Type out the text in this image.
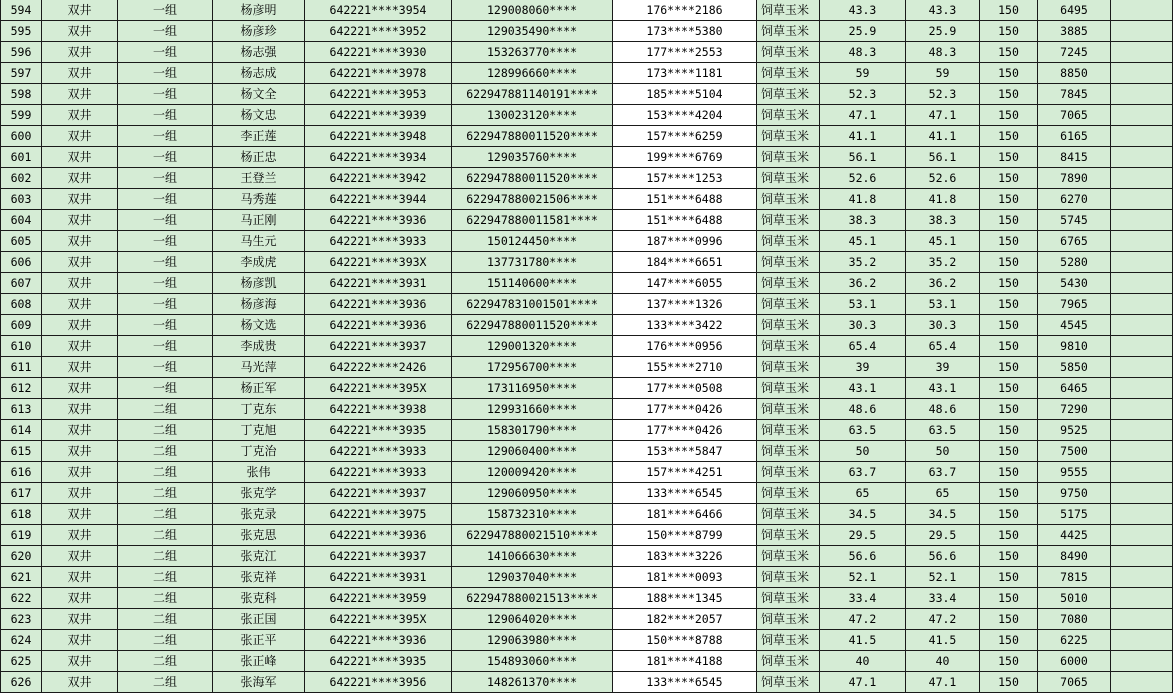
594	双井	一组	杨彦明	642221****3954	129008060****	176****2186	饲草玉米	43.3	43.3	150	6495
595	双井	一组	杨彦珍	642221****3952	129035490****	173****5380	饲草玉米	25.9	25.9	150	3885
596	双井	一组	杨志强	642221****3930	153263770****	177****2553	饲草玉米	48.3	48.3	150	7245
597	双井	一组	杨志成	642221****3978	128996660****	173****1181	饲草玉米	59	59	150	8850
598	双井	一组	杨文全	642221****3953	622947881140191****	185****5104	饲草玉米	52.3	52.3	150	7845
599	双井	一组	杨文忠	642221****3939	130023120****	153****4204	饲草玉米	47.1	47.1	150	7065
600	双井	一组	李正莲	642221****3948	622947880011520****	157****6259	饲草玉米	41.1	41.1	150	6165
601	双井	一组	杨正忠	642221****3934	129035760****	199****6769	饲草玉米	56.1	56.1	150	8415
602	双井	一组	王登兰	642221****3942	622947880011520****	157****1253	饲草玉米	52.6	52.6	150	7890
603	双井	一组	马秀莲	642221****3944	622947880021506****	151****6488	饲草玉米	41.8	41.8	150	6270
604	双井	一组	马正刚	642221****3936	622947880011581****	151****6488	饲草玉米	38.3	38.3	150	5745
605	双井	一组	马生元	642221****3933	150124450****	187****0996	饲草玉米	45.1	45.1	150	6765
606	双井	一组	李成虎	642221****393X	137731780****	184****6651	饲草玉米	35.2	35.2	150	5280
607	双井	一组	杨彦凯	642221****3931	151140600****	147****6055	饲草玉米	36.2	36.2	150	5430
608	双井	一组	杨彦海	642221****3936	622947831001501****	137****1326	饲草玉米	53.1	53.1	150	7965
609	双井	一组	杨文选	642221****3936	622947880011520****	133****3422	饲草玉米	30.3	30.3	150	4545
610	双井	一组	李成贵	642221****3937	129001320****	176****0956	饲草玉米	65.4	65.4	150	9810
611	双井	一组	马光萍	642222****2426	172956700****	155****2710	饲草玉米	39	39	150	5850
612	双井	一组	杨正军	642221****395X	173116950****	177****0508	饲草玉米	43.1	43.1	150	6465
613	双井	二组	丁克东	642221****3938	129931660****	177****0426	饲草玉米	48.6	48.6	150	7290
614	双井	二组	丁克旭	642221****3935	158301790****	177****0426	饲草玉米	63.5	63.5	150	9525
615	双井	二组	丁克治	642221****3933	129060400****	153****5847	饲草玉米	50	50	150	7500
616	双井	二组	张伟	642221****3933	120009420****	157****4251	饲草玉米	63.7	63.7	150	9555
617	双井	二组	张克学	642221****3937	129060950****	133****6545	饲草玉米	65	65	150	9750
618	双井	二组	张克录	642221****3975	158732310****	181****6466	饲草玉米	34.5	34.5	150	5175
619	双井	二组	张克思	642221****3936	622947880021510****	150****8799	饲草玉米	29.5	29.5	150	4425
620	双井	二组	张克江	642221****3937	141066630****	183****3226	饲草玉米	56.6	56.6	150	8490
621	双井	二组	张克祥	642221****3931	129037040****	181****0093	饲草玉米	52.1	52.1	150	7815
622	双井	二组	张克科	642221****3959	622947880021513****	188****1345	饲草玉米	33.4	33.4	150	5010
623	双井	二组	张正国	642221****395X	129064020****	182****2057	饲草玉米	47.2	47.2	150	7080
624	双井	二组	张正平	642221****3936	129063980****	150****8788	饲草玉米	41.5	41.5	150	6225
625	双井	二组	张正峰	642221****3935	154893060****	181****4188	饲草玉米	40	40	150	6000
626	双井	二组	张海军	642221****3956	148261370****	133****6545	饲草玉米	47.1	47.1	150	7065
